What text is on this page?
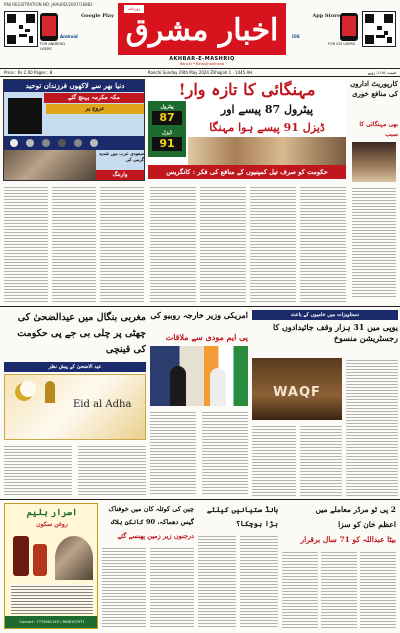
RNI REGISTRATION NO. JHAURD/2007/18882
FOR ANDROID USERS
Google Play
Android
روزنامہ
اخبار مشرق
AKHBAR-E-MASHRIQ
Ranchi • Bihar/Jharkhand
App Store
iOS
FOR IOS USERS
Price : Rs 2.00 Pages : 8	Ranchi Sunday 29th May 2024 Zilhajjah 1 · 1445 AH	قیمت 2.00 روپے
دنیا بھر سے لاکھوں فرزندان توحید
مکہ مکرمہ پہنچ گئے
عروج پر
سعودی عرب میں شدید گرمی کی
وارننگ
مہنگائی کا تازہ وار!
پیٹرول
87
ڈیزل
91
پیٹرول 87 پیسے اور
ڈیزل 91 پیسے ہوا مہنگا
حکومت کو صرف تیل کمپنیوں کے منافع کی فکر : کانگریس
کارپوریٹ اداروں کی منافع خوری
بھی مہنگائی کا سبب
مغربی بنگال میں عیدالضحیٰ کی چھٹی پر چلی بی جے پی حکومت کی قینچی
عید الاضحیٰ کے پیش نظر
Eid al Adha
امریکی وزیر خارجہ روبیو کی
پی ایم مودی سے ملاقات
دستاویزات میں خامیوں کے باعث
یوپی میں 31 ہزار وقف جائیدادوں کا رجسٹریشن منسوخ
WAQF
اسرار ہلیم
روغن سکون
Contact : 7779561145 / 9608197977
چین کی کوئلہ کان میں خوفناک
گیس دھماکہ، 90 کانکن ہلاک
درجنوں زیر زمین پھنسے گئے
بانڈ ستیانیں کیلئے بڑا ہوچکا؟
2 پی ٹو مرڈر معاملے میں
اعظم خان کو سزا
بیٹا عبداللہ کو 71 سال برقرار
